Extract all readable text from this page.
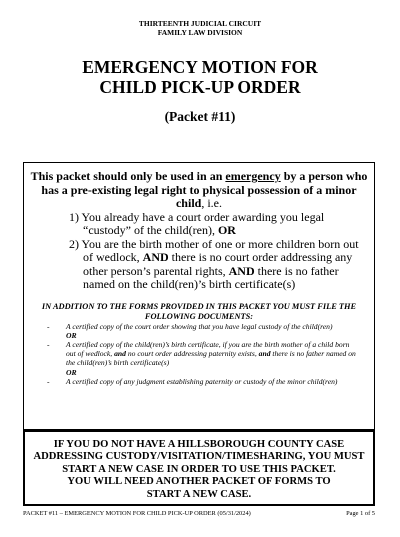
THIRTEENTH JUDICIAL CIRCUIT
FAMILY LAW DIVISION
EMERGENCY MOTION FOR
CHILD PICK-UP ORDER
(Packet #11)
This packet should only be used in an emergency by a person who has a pre-existing legal right to physical possession of a minor child, i.e.
1) You already have a court order awarding you legal “custody” of the child(ren), OR
2) You are the birth mother of one or more children born out of wedlock, AND there is no court order addressing any other person’s parental rights, AND there is no father named on the child(ren)’s birth certificate(s)
IN ADDITION TO THE FORMS PROVIDED IN THIS PACKET YOU MUST FILE THE FOLLOWING DOCUMENTS:
- A certified copy of the court order showing that you have legal custody of the child(ren)
OR
- A certified copy of the child(ren)’s birth certificate, if you are the birth mother of a child born out of wedlock, and no court order addressing paternity exists, and there is no father named on the child(ren)’s birth certificate(s)
OR
- A certified copy of any judgment establishing paternity or custody of the minor child(ren)
IF YOU DO NOT HAVE A HILLSBOROUGH COUNTY CASE
ADDRESSING CUSTODY/VISITATION/TIMESHARING, YOU MUST
START A NEW CASE IN ORDER TO USE THIS PACKET.
YOU WILL NEED ANOTHER PACKET OF FORMS TO
START A NEW CASE.
PACKET #11 – EMERGENCY MOTION FOR CHILD PICK-UP ORDER (05/31/2024)	Page 1 of 5
